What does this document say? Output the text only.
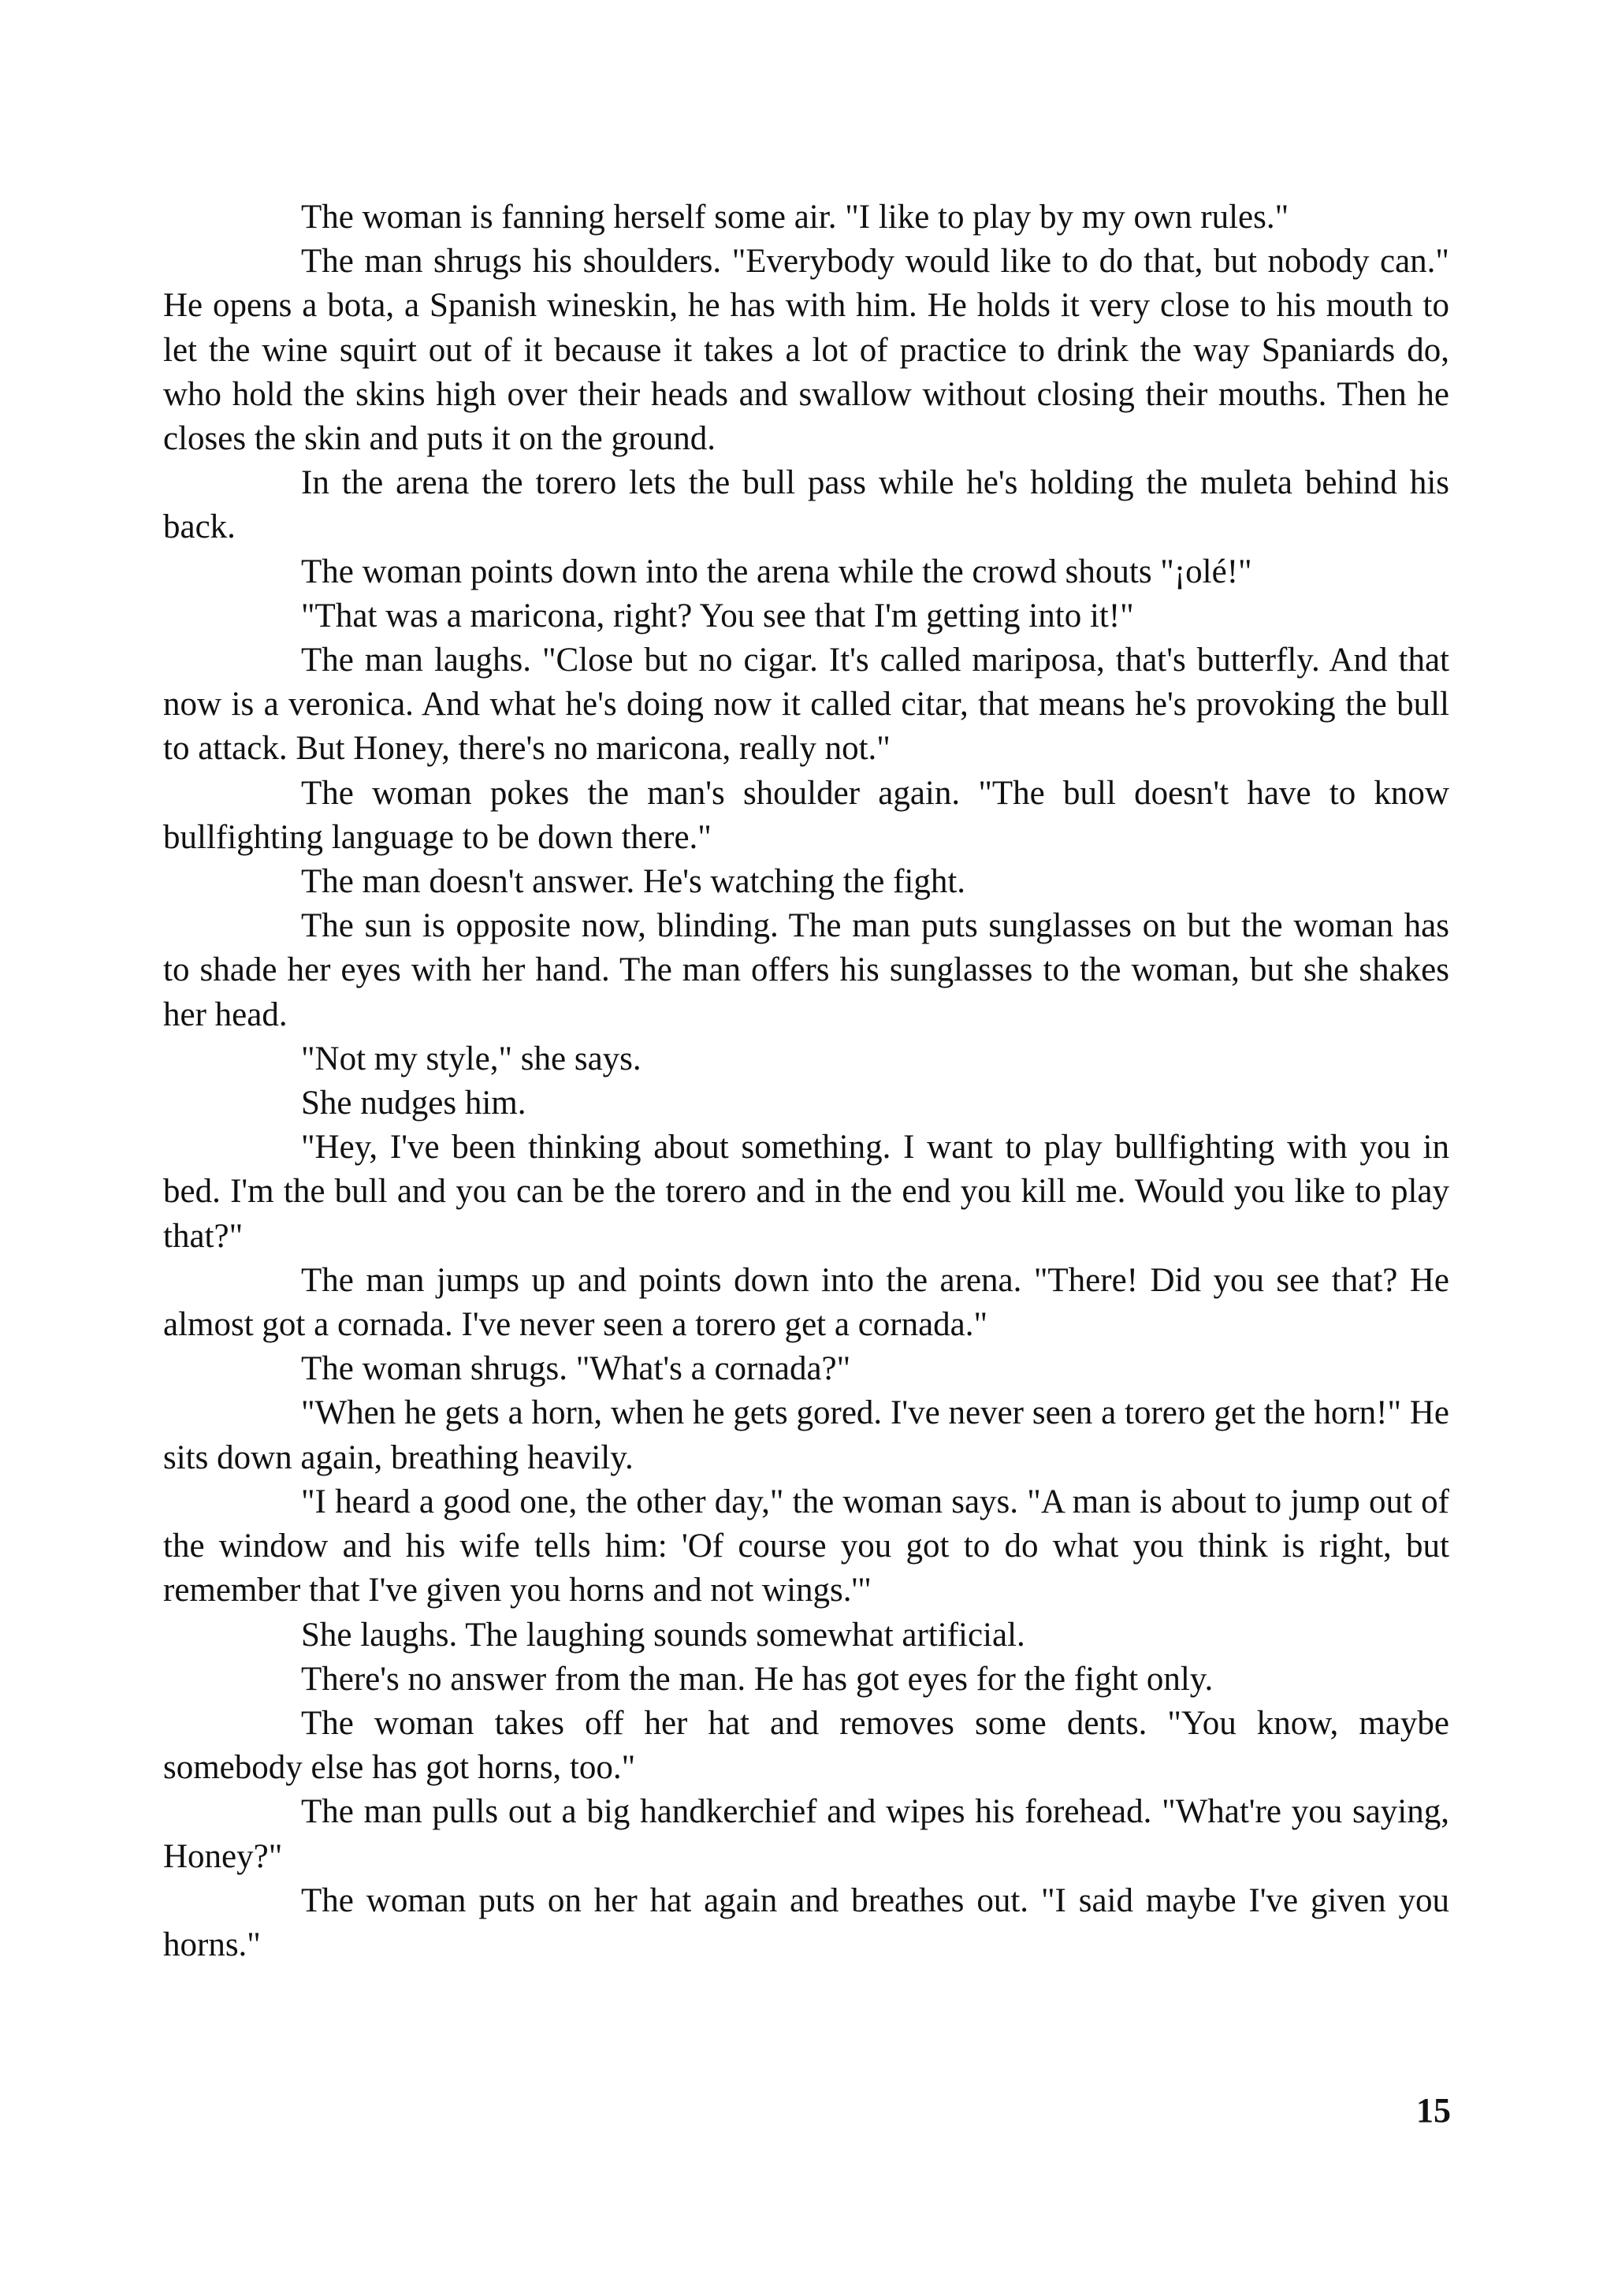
The woman is fanning herself some air. "I like to play by my own rules."

The man shrugs his shoulders. "Everybody would like to do that, but nobody can." He opens a bota, a Spanish wineskin, he has with him. He holds it very close to his mouth to let the wine squirt out of it because it takes a lot of practice to drink the way Spaniards do, who hold the skins high over their heads and swallow without closing their mouths. Then he closes the skin and puts it on the ground.

In the arena the torero lets the bull pass while he's holding the muleta behind his back.

The woman points down into the arena while the crowd shouts "¡olé!"

"That was a maricona, right? You see that I'm getting into it!"

The man laughs. "Close but no cigar. It's called mariposa, that's butterfly. And that now is a veronica. And what he's doing now it called citar, that means he's provoking the bull to attack. But Honey, there's no maricona, really not."

The woman pokes the man's shoulder again. "The bull doesn't have to know bullfighting language to be down there."

The man doesn't answer. He's watching the fight.

The sun is opposite now, blinding. The man puts sunglasses on but the woman has to shade her eyes with her hand. The man offers his sunglasses to the woman, but she shakes her head.

"Not my style," she says.

She nudges him.

"Hey, I've been thinking about something. I want to play bullfighting with you in bed. I'm the bull and you can be the torero and in the end you kill me. Would you like to play that?"

The man jumps up and points down into the arena. "There! Did you see that? He almost got a cornada. I've never seen a torero get a cornada."

The woman shrugs. "What's a cornada?"

"When he gets a horn, when he gets gored. I've never seen a torero get the horn!" He sits down again, breathing heavily.

"I heard a good one, the other day," the woman says. "A man is about to jump out of the window and his wife tells him: 'Of course you got to do what you think is right, but remember that I've given you horns and not wings.'"

She laughs. The laughing sounds somewhat artificial.

There's no answer from the man. He has got eyes for the fight only.

The woman takes off her hat and removes some dents. "You know, maybe somebody else has got horns, too."

The man pulls out a big handkerchief and wipes his forehead. "What're you saying, Honey?"

The woman puts on her hat again and breathes out. "I said maybe I've given you horns."

15
